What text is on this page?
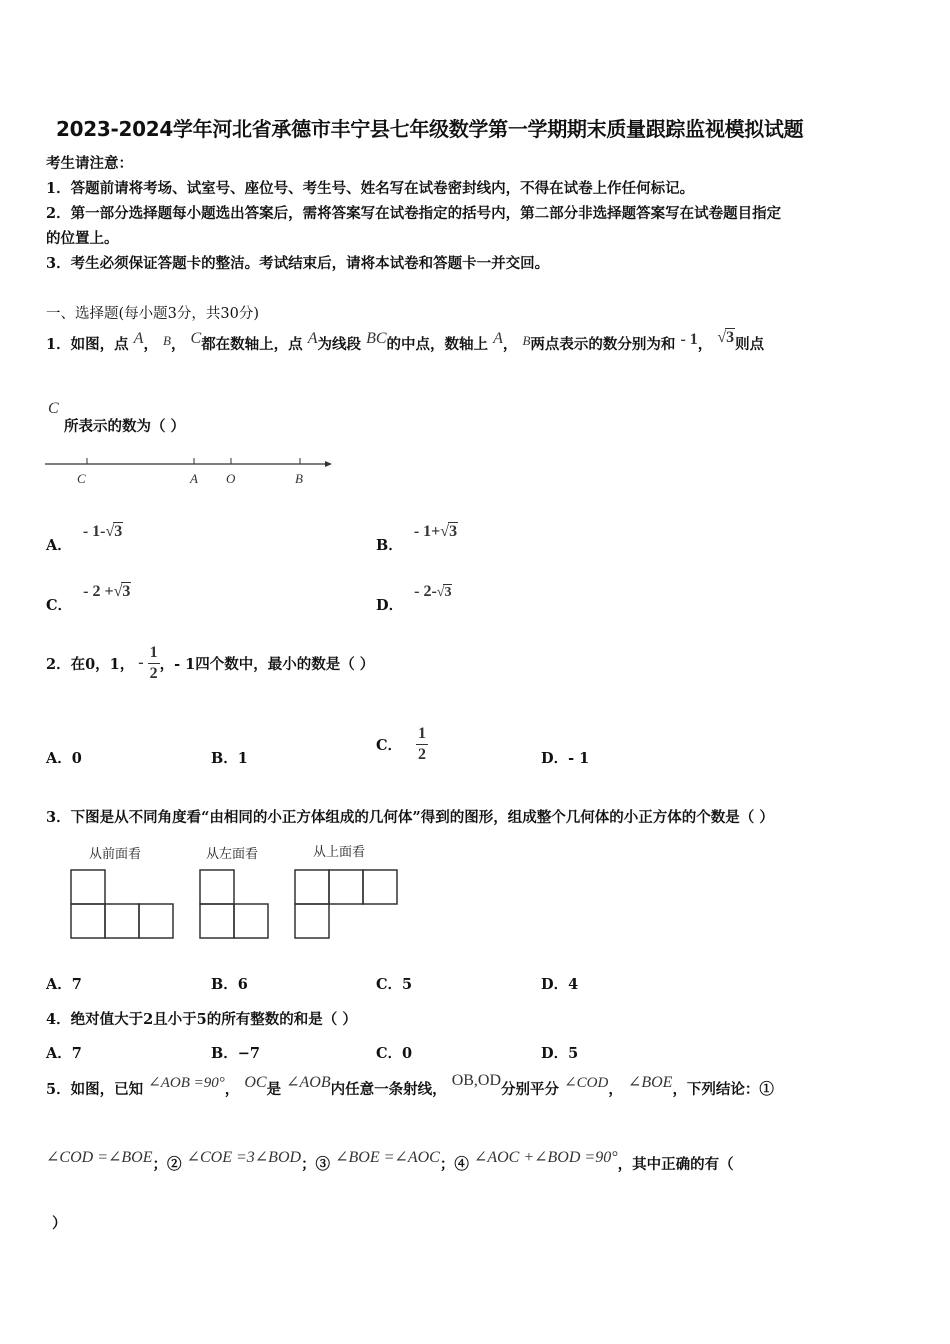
2023-2024学年河北省承德市丰宁县七年级数学第一学期期末质量跟踪监视模拟试题
考生请注意：
1．答题前请将考场、试室号、座位号、考生号、姓名写在试卷密封线内，不得在试卷上作任何标记。
2．第一部分选择题每小题选出答案后，需将答案写在试卷指定的括号内，第二部分非选择题答案写在试卷题目指定
的位置上。
3．考生必须保证答题卡的整洁。考试结束后，请将本试卷和答题卡一并交回。
一、选择题(每小题3分，共30分)
1．如图，点 A， B， C都在数轴上，点 A为线段 BC的中点，数轴上 A， B两点表示的数分别为和 - 1， √3则点
C
所表示的数为（ ）
C	A O	B
A． - 1-√3
B． - 1+√3
C． - 2 +√3
D． - 2-√3
2． 在0，1， - $\frac{1}{2}$ ， - 1四个数中，最小的数是（ ）
A．0	B．1
C． $\frac{1}{2}$	D．- 1
3．下图是从不同角度看“由相同的小正方体组成的几何体”得到的图形，组成整个几何体的小正方体的个数是（ ）
从前面看	从左面看	从上面看
A．7	B．6	C．5	D．4
4．绝对值大于2且小于5的所有整数的和是（ ）
A．7	B．−7	C．0	D．5
5．如图，已知 ∠AOB =90°， OC是 ∠AOB内任意一条射线， OB,OD分别平分 ∠COD， ∠BOE，下列结论：①
∠COD =∠BOE；② ∠COE =3∠BOD；③ ∠BOE =∠AOC；④ ∠AOC +∠BOD =90°，其中正确的有（
）
